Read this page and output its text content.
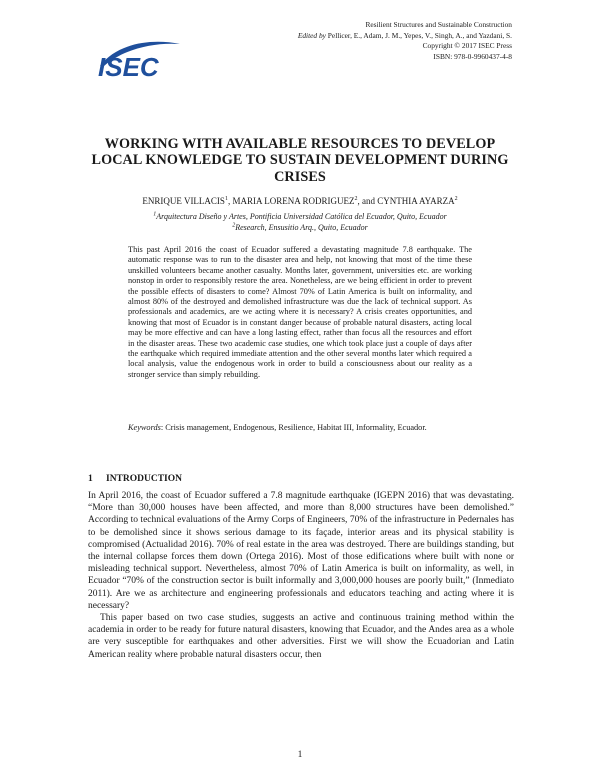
ISEC
Resilient Structures and Sustainable Construction
Edited by Pellicer, E., Adam, J. M., Yepes, V., Singh, A., and Yazdani, S.
Copyright © 2017 ISEC Press
ISBN: 978-0-9960437-4-8
WORKING WITH AVAILABLE RESOURCES TO DEVELOP LOCAL KNOWLEDGE TO SUSTAIN DEVELOPMENT DURING CRISES
ENRIQUE VILLACIS$^1$, MARIA LORENA RODRIGUEZ$^2$, and CYNTHIA AYARZA$^2$
$^1$Arquitectura Diseño y Artes, Pontificia Universidad Católica del Ecuador, Quito, Ecuador
$^2$Research, Ensusitio Arq., Quito, Ecuador
This past April 2016 the coast of Ecuador suffered a devastating magnitude 7.8 earthquake. The automatic response was to run to the disaster area and help, not knowing that most of the time these unskilled volunteers became another casualty. Months later, government, universities etc. are working nonstop in order to responsibly restore the area. Nonetheless, are we being efficient in order to prevent the possible effects of disasters to come? Almost 70% of Latin America is built on informality, and almost 80% of the destroyed and demolished infrastructure was due the lack of technical support. As professionals and academics, are we acting where it is necessary? A crisis creates opportunities, and knowing that most of Ecuador is in constant danger because of probable natural disasters, acting local may be more effective and can have a long lasting effect, rather than focus all the resources and effort in the disaster areas. These two academic case studies, one which took place just a couple of days after the earthquake which required immediate attention and the other several months later which required a local analysis, value the endogenous work in order to build a consciousness about our reality as a stronger service than simply rebuilding.
Keywords: Crisis management, Endogenous, Resilience, Habitat III, Informality, Ecuador.
1 INTRODUCTION

In April 2016, the coast of Ecuador suffered a 7.8 magnitude earthquake (IGEPN 2016) that was devastating. “More than 30,000 houses have been affected, and more than 8,000 structures have been demolished.” According to technical evaluations of the Army Corps of Engineers, 70% of the infrastructure in Pedernales has to be demolished since it shows serious damage to its façade, interior areas and its physical stability is compromised (Actualidad 2016). 70% of real estate in the area was destroyed. There are buildings standing, but the internal collapse forces them down (Ortega 2016). Most of those edifications where built with none or misleading technical support. Nevertheless, almost 70% of Latin America is built on informality, as well, in Ecuador “70% of the construction sector is built informally and 3,000,000 houses are poorly built,” (Inmediato 2011). Are we as architecture and engineering professionals and educators teaching and acting where it is necessary?

This paper based on two case studies, suggests an active and continuous training method within the academia in order to be ready for future natural disasters, knowing that Ecuador, and the Andes area as a whole are very susceptible for earthquakes and other adversities. First we will show the Ecuadorian and Latin American reality where probable natural disasters occur, then

1
